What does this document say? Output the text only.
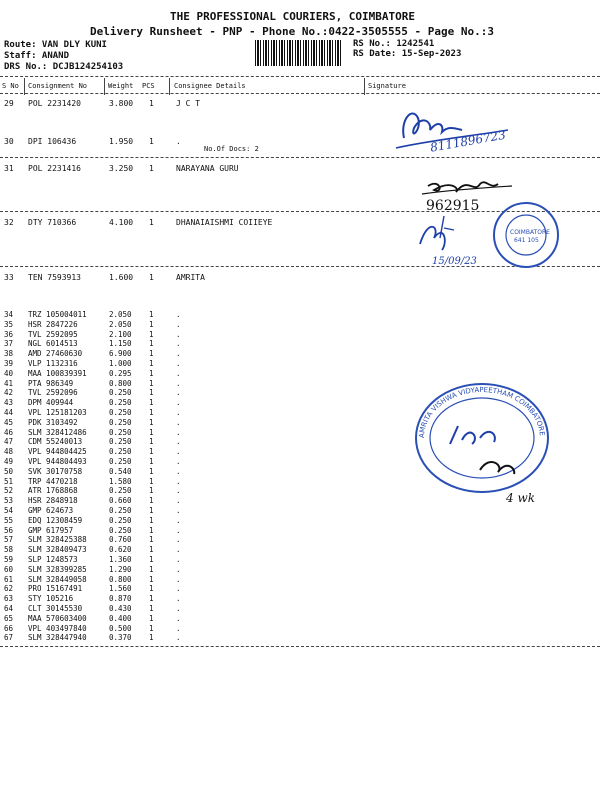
THE PROFESSIONAL COURIERS, COIMBATORE
Delivery Runsheet - PNP - Phone No.:0422-3505555 - Page No.:3
Route: VAN DLY KUNI
Staff: ANAND
DRS No.: DCJB124254103
RS No.: 1242541
RS Date: 15-Sep-2023
S No Consignment No	Weight PCS	Consignee Details	Signature
29 POL 2231420	3.800 1	J C T
30 DPI 106436	1.950 1	.
No.Of Docs: 2
31 POL 2231416	3.250 1	NARAYANA GURU
32 DTY 710366	4.100 1	DHANAIAISHMI COIIEYE
33 TEN 7593913	1.600 1	AMRITA
34 TRZ 105004011	2.050 1	.
35 HSR 2847226	2.050 1	.
36 TVL 2592095	2.100 1	.
37 NGL 6014513	1.150 1	.
38 AMD 27460630	6.900 1	.
39 VLP 1132316	1.000 1	.
40 MAA 100839391	0.295 1	.
41 PTA 986349	0.800 1	.
42 TVL 2592096	0.250 1	.
43 DPM 409944	0.250 1	.
44 VPL 125181203	0.250 1	.
45 PDK 3103492	0.250 1	.
46 SLM 328412486	0.250 1	.
47 CDM 55240013	0.250 1	.
48 VPL 944804425	0.250 1	.
49 VPL 944804493	0.250 1	.
50 SVK 30170758	0.540 1	.
51 TRP 4470218	1.580 1	.
52 ATR 1768868	0.250 1	.
53 HSR 2848918	0.660 1	.
54 GMP 624673	0.250 1	.
55 EDQ 12308459	0.250 1	.
56 GMP 617957	0.250 1	.
57 SLM 328425388	0.760 1	.
58 SLM 328409473	0.620 1	.
59 SLP 1248573	1.360 1	.
60 SLM 328399285	1.290 1	.
61 SLM 328449058	0.800 1	.
62 PRO 15167491	1.560 1	.
63 STY 105216	0.870 1	.
64 CLT 30145530	0.430 1	.
65 MAA 570603400	0.400 1	.
66 VPL 403497840	0.500 1	.
67 SLM 328447940	0.370 1	.
8111896723
962915
COIMBATORE
641 105
15/09/23
AMRITA VISHWA VIDYAPEETHAM COIMBATORE
4 wk
